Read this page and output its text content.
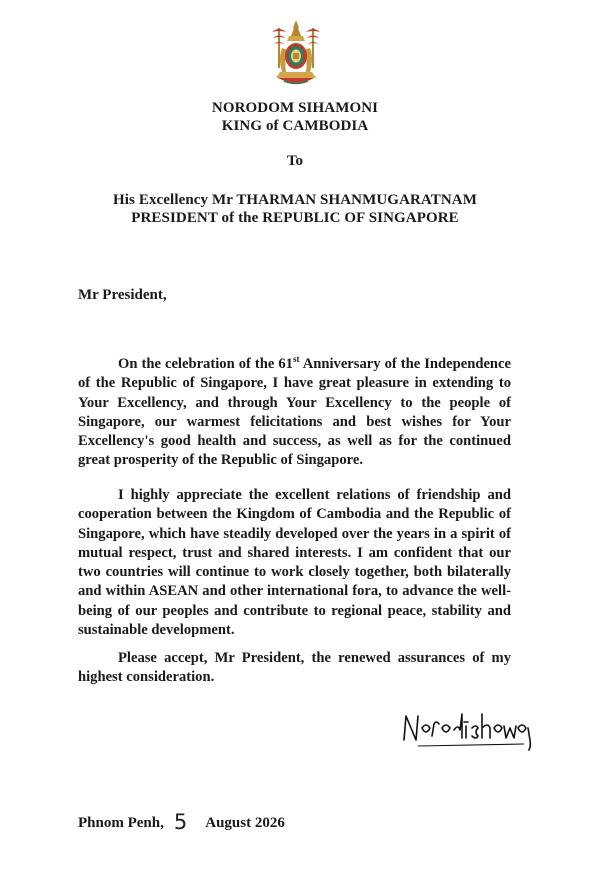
NORODOM SIHAMONI
KING of CAMBODIA
To
His Excellency Mr THARMAN SHANMUGARATNAM
PRESIDENT of the REPUBLIC OF SINGAPORE
Mr President,

On the celebration of the 61st Anniversary of the Independence of the Republic of Singapore, I have great pleasure in extending to Your Excellency, and through Your Excellency to the people of Singapore, our warmest felicitations and best wishes for Your Excellency's good health and success, as well as for the continued great prosperity of the Republic of Singapore.

I highly appreciate the excellent relations of friendship and cooperation between the Kingdom of Cambodia and the Republic of Singapore, which have steadily developed over the years in a spirit of mutual respect, trust and shared interests. I am confident that our two countries will continue to work closely together, both bilaterally and within ASEAN and other international fora, to advance the well-being of our peoples and contribute to regional peace, stability and sustainable development.

Please accept, Mr President, the renewed assurances of my highest consideration.

Phnom Penh, 5 August 2026
